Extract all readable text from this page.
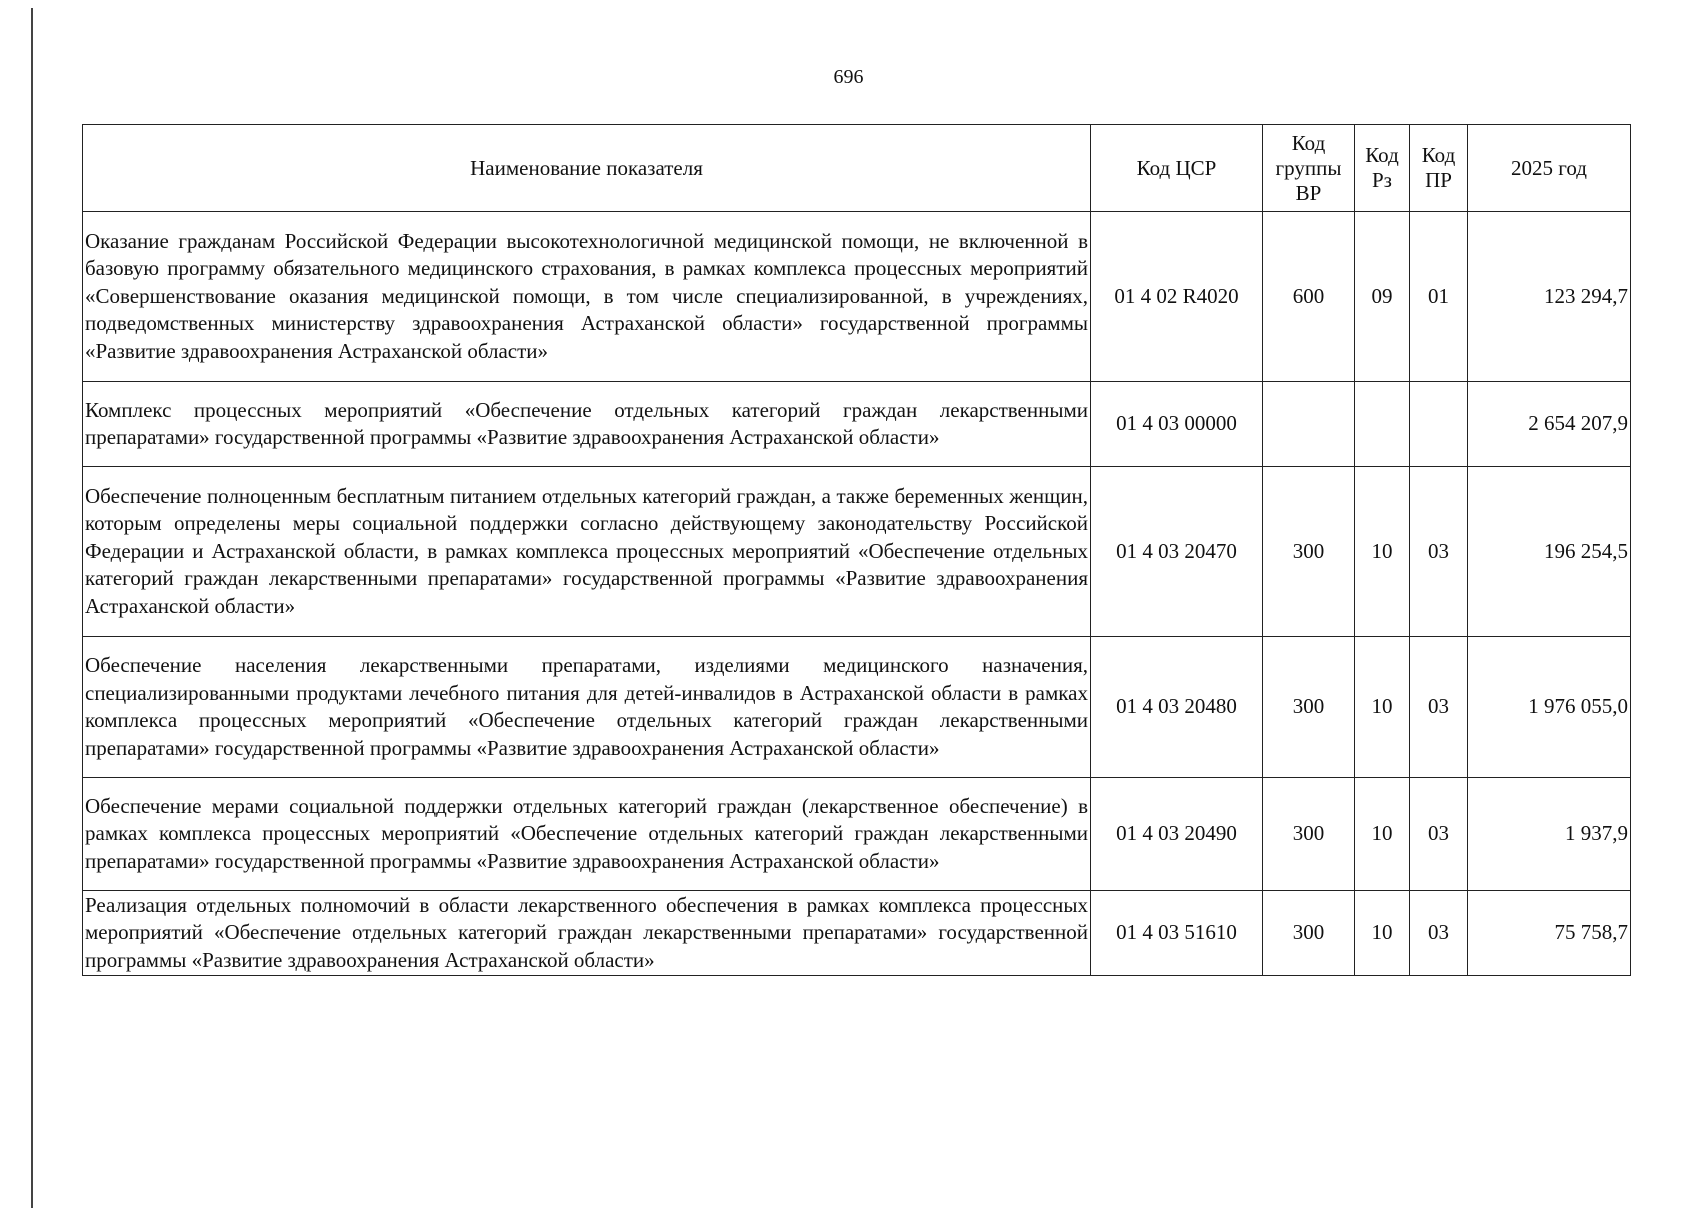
696
Наименование показателя	Код ЦСР	Код группы ВР	Код Рз	Код ПР	2025 год
Оказание гражданам Российской Федерации высокотехнологичной медицинской помощи, не включенной в базовую программу обязательного медицинского страхования, в рамках комплекса процессных мероприятий «Совершенствование оказания медицинской помощи, в том числе специализированной, в учреждениях, подведомственных министерству здравоохранения Астраханской области» государственной программы «Развитие здравоохранения Астраханской области»	01 4 02 R4020	600	09	01	123 294,7
Комплекс процессных мероприятий «Обеспечение отдельных категорий граждан лекарственными препаратами» государственной программы «Развитие здравоохранения Астраханской области»	01 4 03 00000				2 654 207,9
Обеспечение полноценным бесплатным питанием отдельных категорий граждан, а также беременных женщин, которым определены меры социальной поддержки согласно действующему законодательству Российской Федерации и Астраханской области, в рамках комплекса процессных мероприятий «Обеспечение отдельных категорий граждан лекарственными препаратами» государственной программы «Развитие здравоохранения Астраханской области»	01 4 03 20470	300	10	03	196 254,5
Обеспечение населения лекарственными препаратами, изделиями медицинского назначения, специализированными продуктами лечебного питания для детей-инвалидов в Астраханской области в рамках комплекса процессных мероприятий «Обеспечение отдельных категорий граждан лекарственными препаратами» государственной программы «Развитие здравоохранения Астраханской области»	01 4 03 20480	300	10	03	1 976 055,0
Обеспечение мерами социальной поддержки отдельных категорий граждан (лекарственное обеспечение) в рамках комплекса процессных мероприятий «Обеспечение отдельных категорий граждан лекарственными препаратами» государственной программы «Развитие здравоохранения Астраханской области»	01 4 03 20490	300	10	03	1 937,9
Реализация отдельных полномочий в области лекарственного обеспечения в рамках комплекса процессных мероприятий «Обеспечение отдельных категорий граждан лекарственными препаратами» государственной программы «Развитие здравоохранения Астраханской области»	01 4 03 51610	300	10	03	75 758,7
